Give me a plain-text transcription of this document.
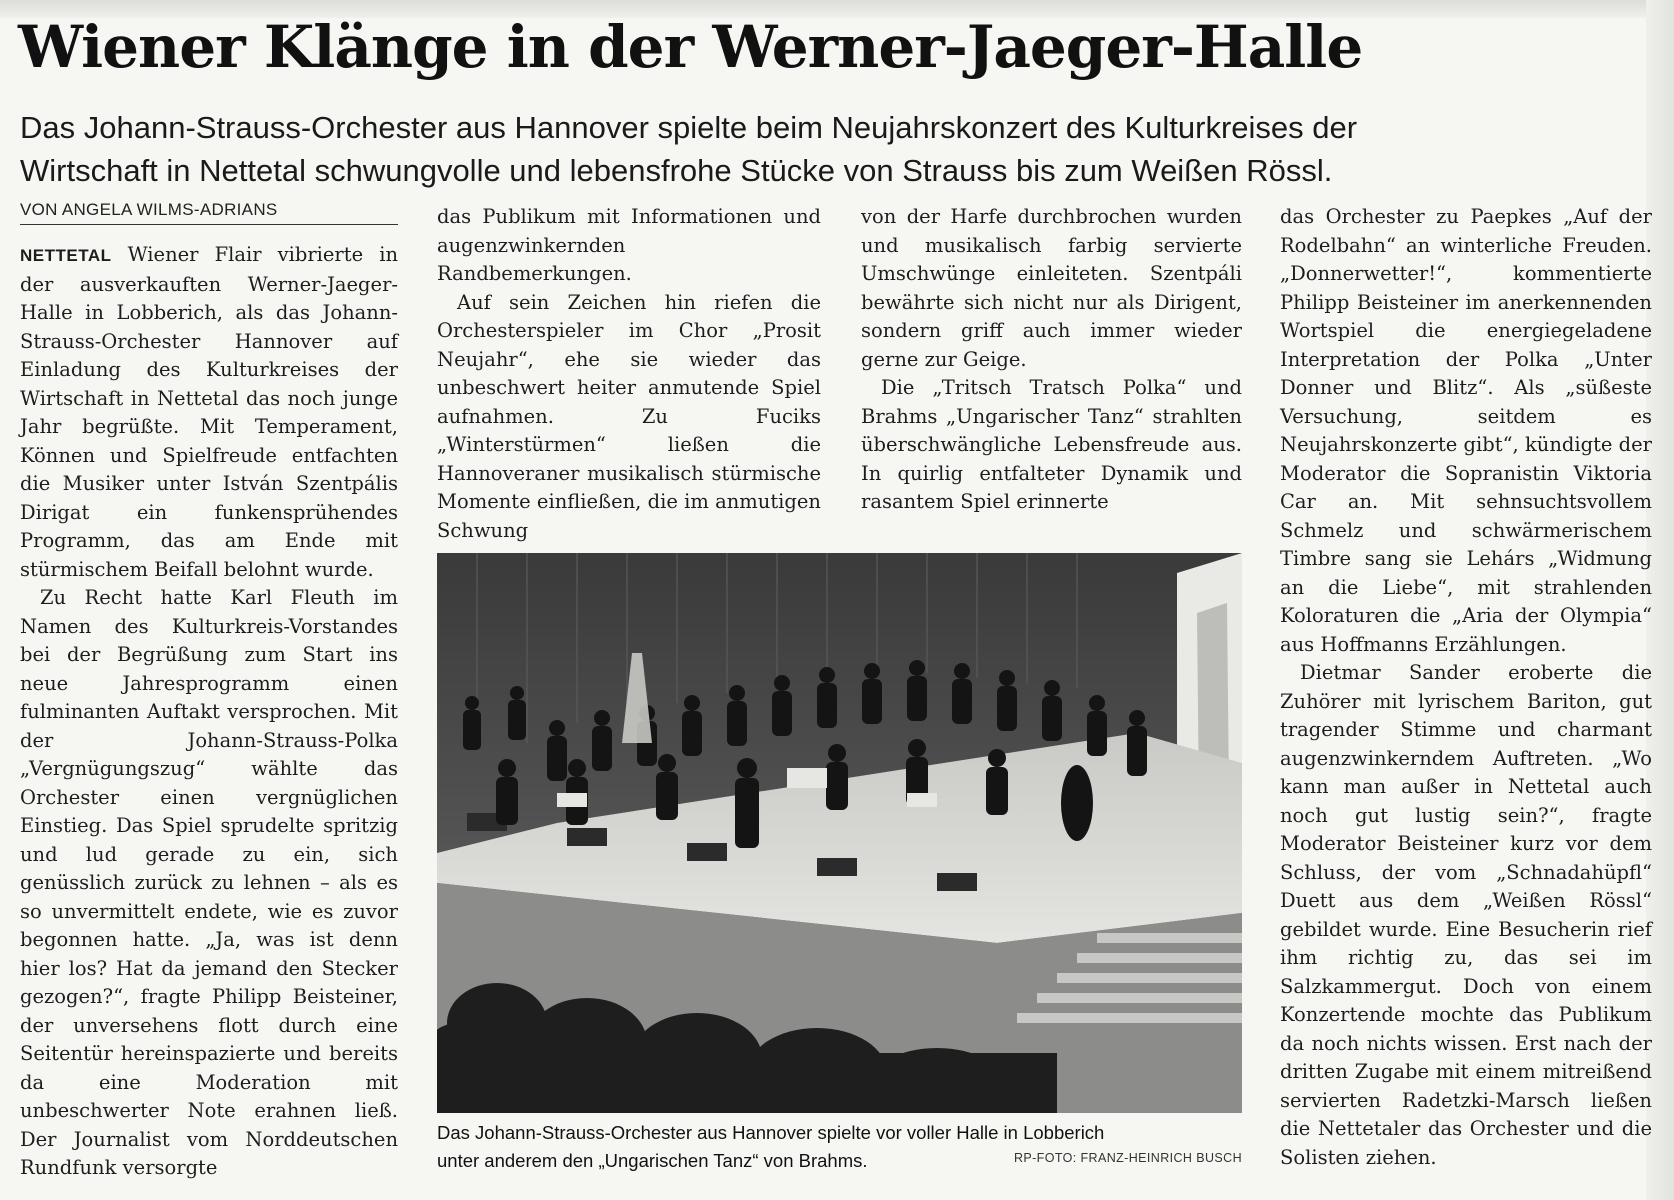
Wiener Klänge in der Werner-Jaeger-Halle
Das Johann-Strauss-Orchester aus Hannover spielte beim Neujahrskonzert des Kulturkreises der
Wirtschaft in Nettetal schwungvolle und lebensfrohe Stücke von Strauss bis zum Weißen Rössl.
VON ANGELA WILMS-ADRIANS

NETTETAL Wiener Flair vibrierte in der ausverkauften Werner-Jaeger-Halle in Lobberich, als das Johann-Strauss-Orchester Hannover auf Einladung des Kulturkreises der Wirtschaft in Nettetal das noch junge Jahr begrüßte. Mit Temperament, Können und Spielfreude entfachten die Musiker unter István Szentpális Dirigat ein funkensprühendes Programm, das am Ende mit stürmischem Beifall belohnt wurde.

Zu Recht hatte Karl Fleuth im Namen des Kulturkreis-Vorstandes bei der Begrüßung zum Start ins neue Jahresprogramm einen fulminanten Auftakt versprochen. Mit der Johann-Strauss-Polka „Vergnügungszug“ wählte das Orchester einen vergnüglichen Einstieg. Das Spiel sprudelte spritzig und lud gerade zu ein, sich genüsslich zurück zu lehnen – als es so unvermittelt endete, wie es zuvor begonnen hatte. „Ja, was ist denn hier los? Hat da jemand den Stecker gezogen?“, fragte Philipp Beisteiner, der unversehens flott durch eine Seitentür hereinspazierte und bereits da eine Moderation mit unbeschwerter Note erahnen ließ. Der Journalist vom Norddeutschen Rundfunk versorgte

das Publikum mit Informationen und augenzwinkernden Randbemerkungen.

Auf sein Zeichen hin riefen die Orchesterspieler im Chor „Prosit Neujahr“, ehe sie wieder das unbeschwert heiter anmutende Spiel aufnahmen. Zu Fuciks „Winterstürmen“ ließen die Hannoveraner musikalisch stürmische Momente einfließen, die im anmutigen Schwung

von der Harfe durchbrochen wurden und musikalisch farbig servierte Umschwünge einleiteten. Szentpáli bewährte sich nicht nur als Dirigent, sondern griff auch immer wieder gerne zur Geige.

Die „Tritsch Tratsch Polka“ und Brahms „Ungarischer Tanz“ strahlten überschwängliche Lebensfreude aus. In quirlig entfalteter Dynamik und rasantem Spiel erinnerte

das Orchester zu Paepkes „Auf der Rodelbahn“ an winterliche Freuden. „Donnerwetter!“, kommentierte Philipp Beisteiner im anerkennenden Wortspiel die energiegeladene Interpretation der Polka „Unter Donner und Blitz“. Als „süßeste Versuchung, seitdem es Neujahrskonzerte gibt“, kündigte der Moderator die Sopranistin Viktoria Car an. Mit sehnsuchtsvollem Schmelz und schwärmerischem Timbre sang sie Lehárs „Widmung an die Liebe“, mit strahlenden Koloraturen die „Aria der Olympia“ aus Hoffmanns Erzählungen.

Dietmar Sander eroberte die Zuhörer mit lyrischem Bariton, gut tragender Stimme und charmant augenzwinkerndem Auftreten. „Wo kann man außer in Nettetal auch noch gut lustig sein?“, fragte Moderator Beisteiner kurz vor dem Schluss, der vom „Schnadahüpfl“ Duett aus dem „Weißen Rössl“ gebildet wurde. Eine Besucherin rief ihm richtig zu, das sei im Salzkammergut. Doch von einem Konzertende mochte das Publikum da noch nichts wissen. Erst nach der dritten Zugabe mit einem mitreißend servierten Radetzki-Marsch ließen die Nettetaler das Orchester und die Solisten ziehen.

Das Johann-Strauss-Orchester aus Hannover spielte vor voller Halle in Lobberich
unter anderem den „Ungarischen Tanz“ von Brahms.	RP-FOTO: FRANZ-HEINRICH BUSCH
